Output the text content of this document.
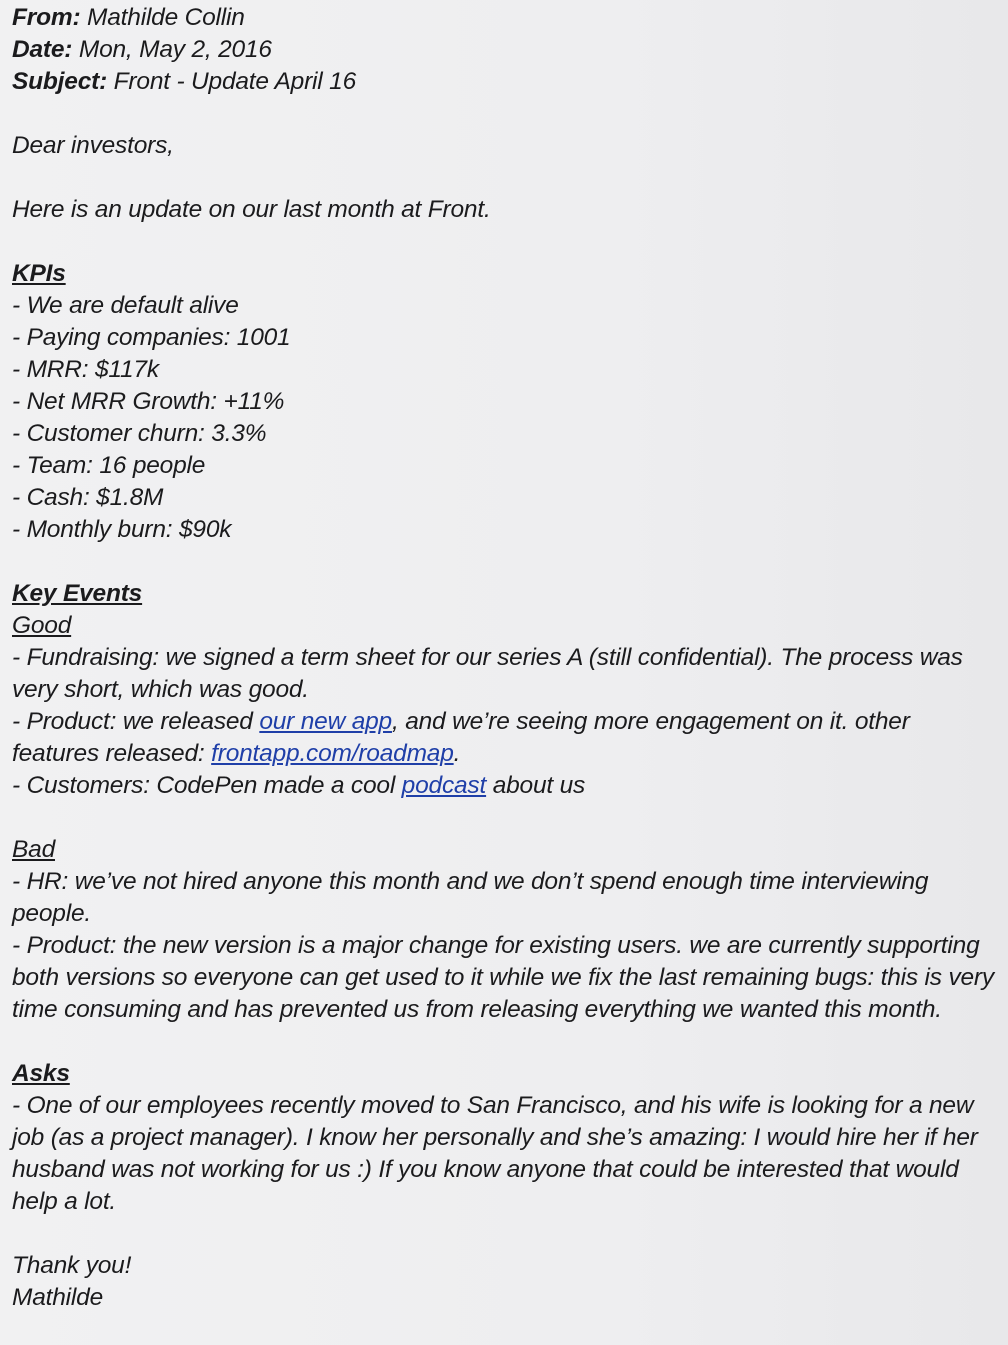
From: Mathilde Collin
Date: Mon, May 2, 2016
Subject: Front - Update April 16

Dear investors,

Here is an update on our last month at Front.

KPIs
- We are default alive
- Paying companies: 1001
- MRR: $117k
- Net MRR Growth: +11%
- Customer churn: 3.3%
- Team: 16 people
- Cash: $1.8M
- Monthly burn: $90k
Key Events
Good

- Fundraising: we signed a term sheet for our series A (still confidential). The process was very short, which was good.

- Product: we released our new app, and we’re seeing more engagement on it. other features released: frontapp.com/roadmap.

- Customers: CodePen made a cool podcast about us

Bad

- HR: we’ve not hired anyone this month and we don’t spend enough time interviewing people.

- Product: the new version is a major change for existing users. we are currently supporting both versions so everyone can get used to it while we fix the last remaining bugs: this is very time consuming and has prevented us from releasing everything we wanted this month.

Asks

- One of our employees recently moved to San Francisco, and his wife is looking for a new job (as a project manager). I know her personally and she’s amazing: I would hire her if her husband was not working for us :) If you know anyone that could be interested that would help a lot.

Thank you!

Mathilde
